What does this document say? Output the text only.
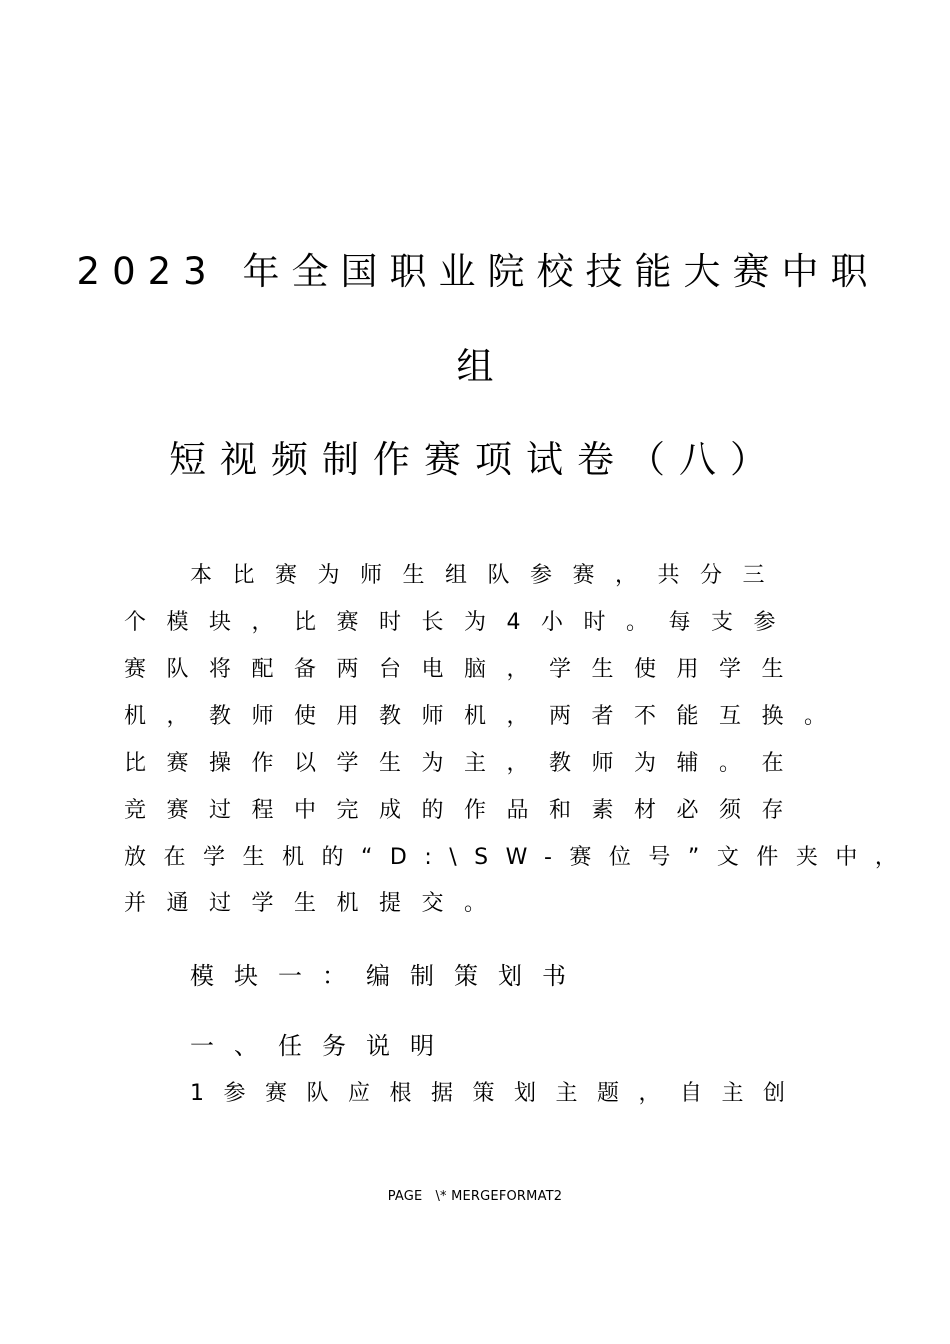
2023 年全国职业院校技能大赛中职
组
短视频制作赛项试卷（八）
本比赛为师生组队参赛，共分三
个模块，比赛时长为4小时。每支参
赛队将配备两台电脑，学生使用学生
机，教师使用教师机，两者不能互换。
比赛操作以学生为主，教师为辅。在
竞赛过程中完成的作品和素材必须存
放在学生机的“D:\SW-赛位号”文件夹中，
并通过学生机提交。
模块一：编制策划书
一、任务说明
1参赛队应根据策划主题，自主创
PAGE   \* MERGEFORMAT2
